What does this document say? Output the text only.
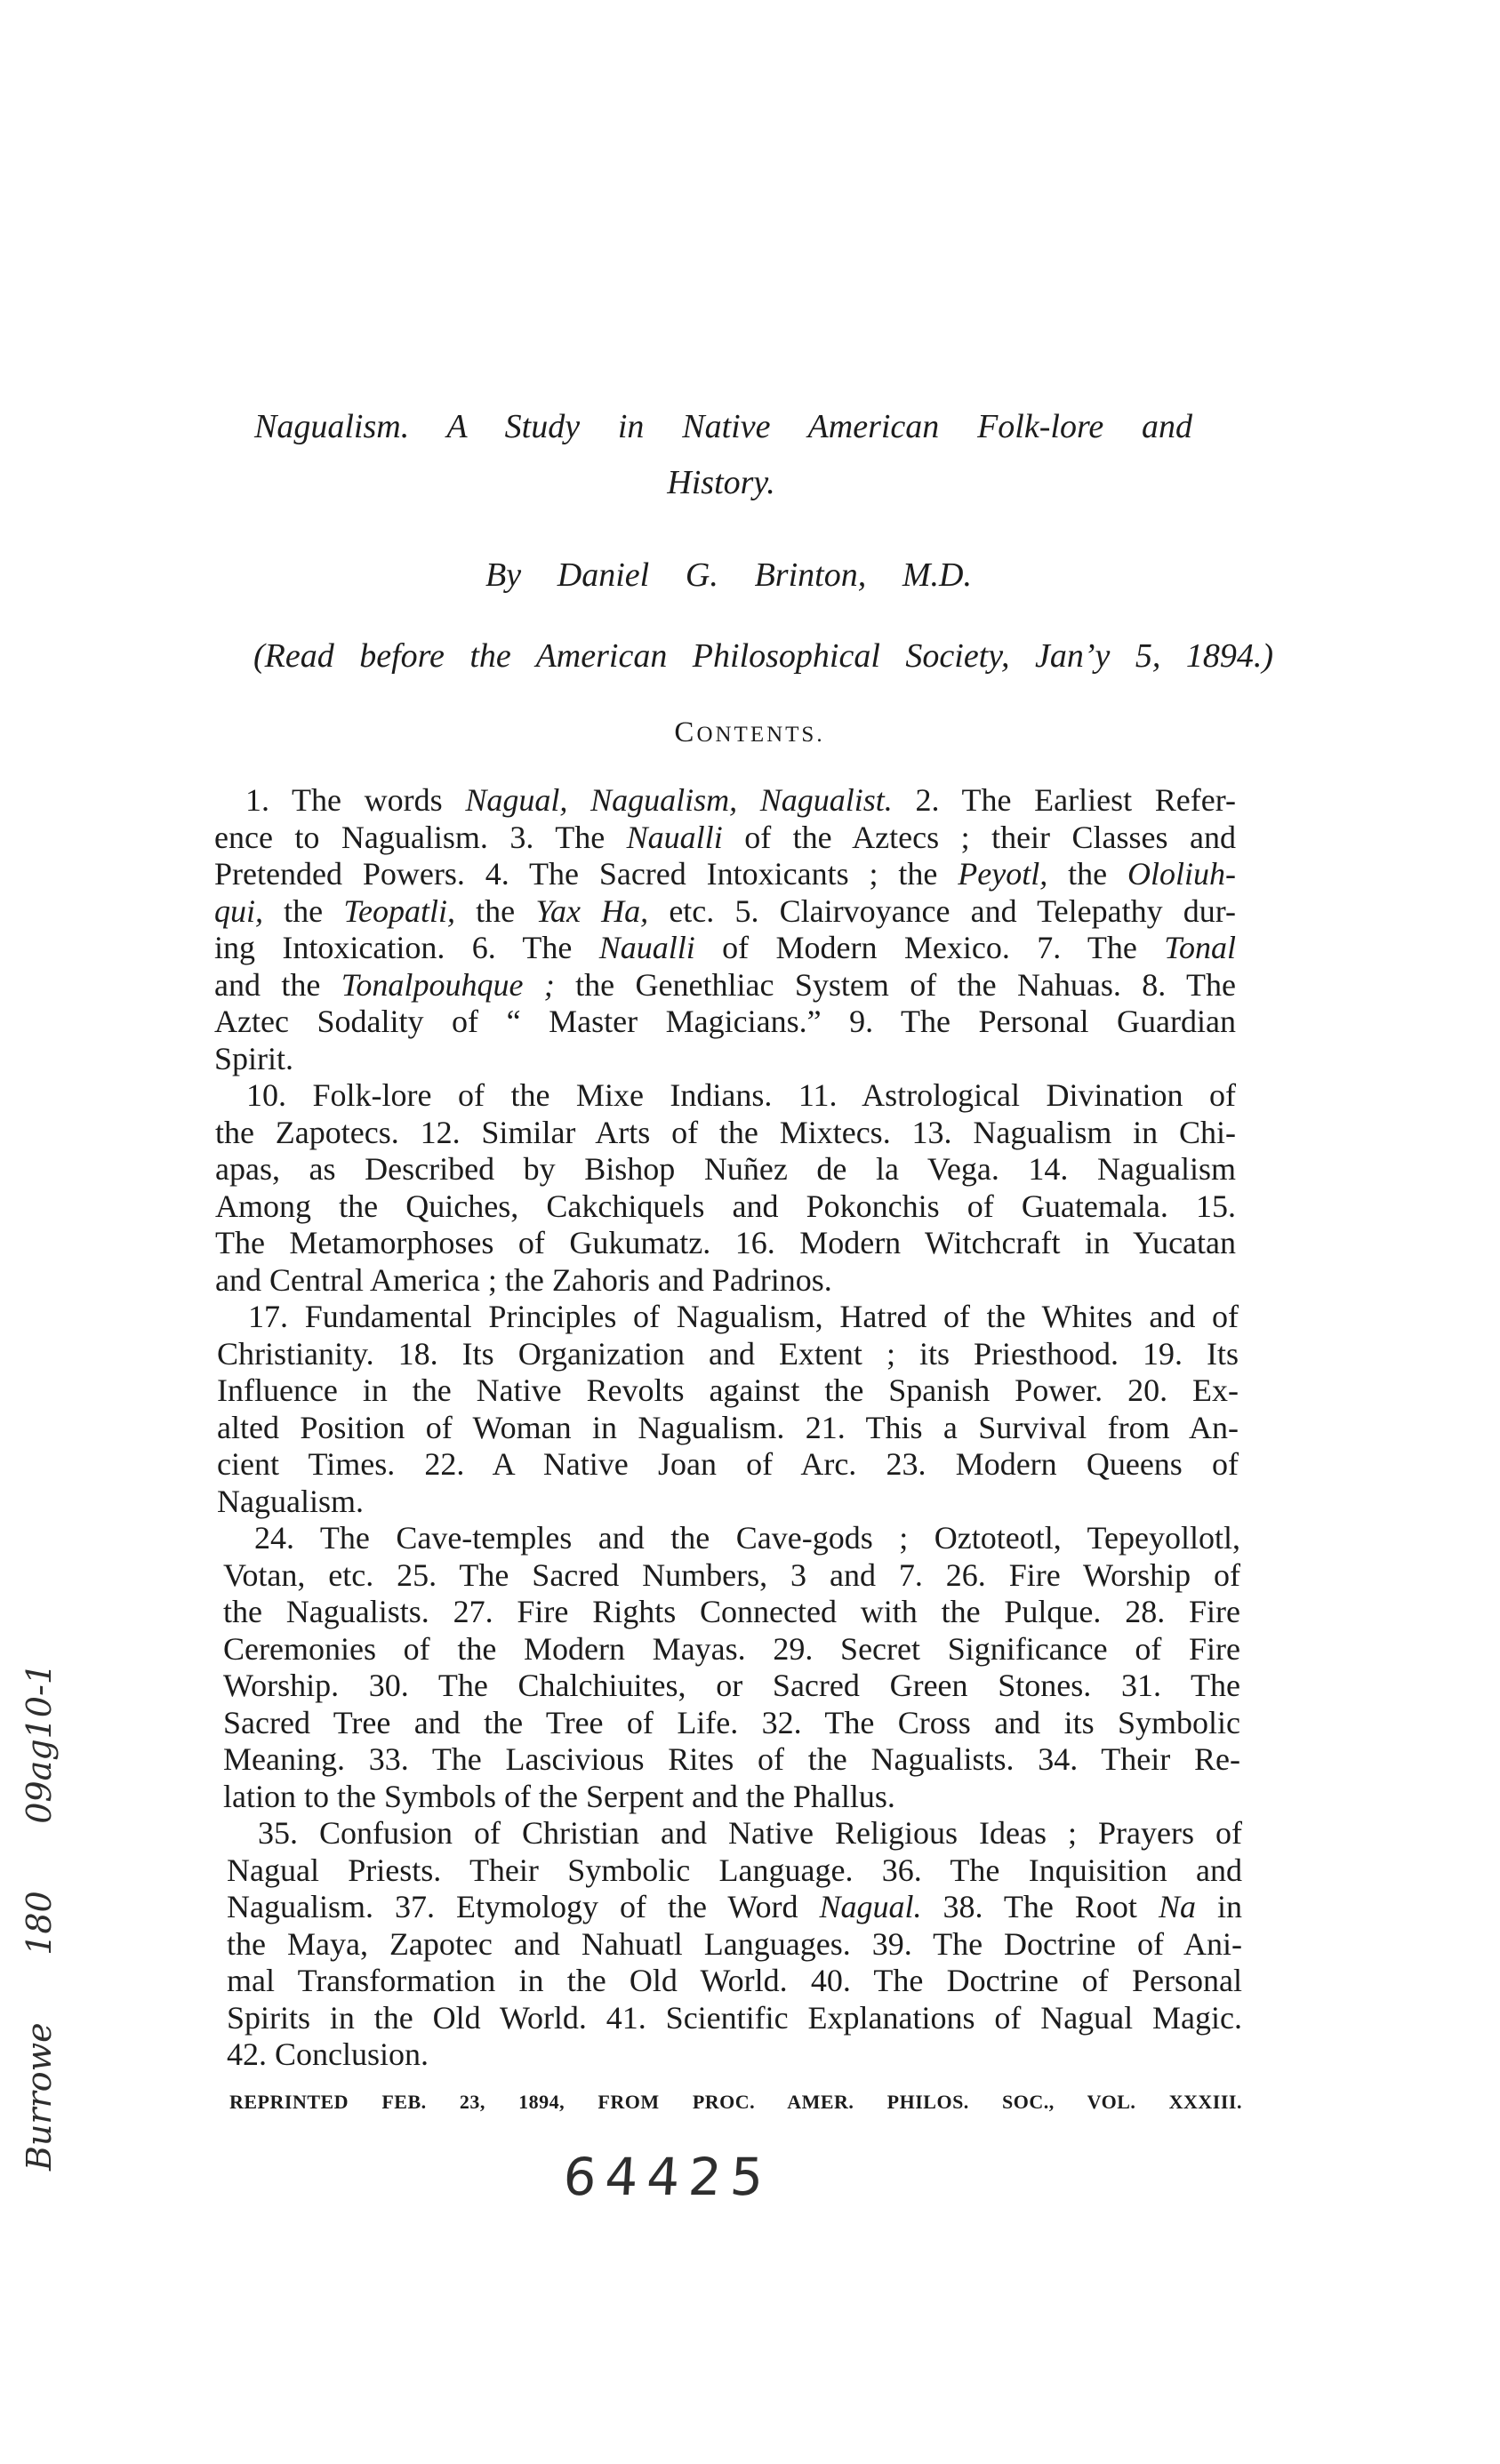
Nagualism. A Study in Native American Folk-lore and
History.
By Daniel G. Brinton, M.D.
(Read before the American Philosophical Society, Jan’y 5, 1894.)
CONTENTS.
1. The words Nagual, Nagualism, Nagualist. 2. The Earliest Refer-
ence to Nagualism. 3. The Naualli of the Aztecs ; their Classes and
Pretended Powers. 4. The Sacred Intoxicants ; the Peyotl, the Ololiuh-
qui, the Teopatli, the Yax Ha, etc. 5. Clairvoyance and Telepathy dur-
ing Intoxication. 6. The Naualli of Modern Mexico. 7. The Tonal
and the Tonalpouhque ; the Genethliac System of the Nahuas. 8. The
Aztec Sodality of “ Master Magicians.” 9. The Personal Guardian
Spirit.
10. Folk-lore of the Mixe Indians. 11. Astrological Divination of
the Zapotecs. 12. Similar Arts of the Mixtecs. 13. Nagualism in Chi-
apas, as Described by Bishop Nuñez de la Vega. 14. Nagualism
Among the Quiches, Cakchiquels and Pokonchis of Guatemala. 15.
The Metamorphoses of Gukumatz. 16. Modern Witchcraft in Yucatan
and Central America ; the Zahoris and Padrinos.
17. Fundamental Principles of Nagualism, Hatred of the Whites and of
Christianity. 18. Its Organization and Extent ; its Priesthood. 19. Its
Influence in the Native Revolts against the Spanish Power. 20. Ex-
alted Position of Woman in Nagualism. 21. This a Survival from An-
cient Times. 22. A Native Joan of Arc. 23. Modern Queens of
Nagualism.
24. The Cave-temples and the Cave-gods ; Oztoteotl, Tepeyollotl,
Votan, etc. 25. The Sacred Numbers, 3 and 7. 26. Fire Worship of
the Nagualists. 27. Fire Rights Connected with the Pulque. 28. Fire
Ceremonies of the Modern Mayas. 29. Secret Significance of Fire
Worship. 30. The Chalchiuites, or Sacred Green Stones. 31. The
Sacred Tree and the Tree of Life. 32. The Cross and its Symbolic
Meaning. 33. The Lascivious Rites of the Nagualists. 34. Their Re-
lation to the Symbols of the Serpent and the Phallus.
35. Confusion of Christian and Native Religious Ideas ; Prayers of
Nagual Priests. Their Symbolic Language. 36. The Inquisition and
Nagualism. 37. Etymology of the Word Nagual. 38. The Root Na in
the Maya, Zapotec and Nahuatl Languages. 39. The Doctrine of Ani-
mal Transformation in the Old World. 40. The Doctrine of Personal
Spirits in the Old World. 41. Scientific Explanations of Nagual Magic.
42. Conclusion.
REPRINTED FEB. 23, 1894, FROM PROC. AMER. PHILOS. SOC., VOL. XXXIII.
64425
Burrowe 180 09ag10-1
